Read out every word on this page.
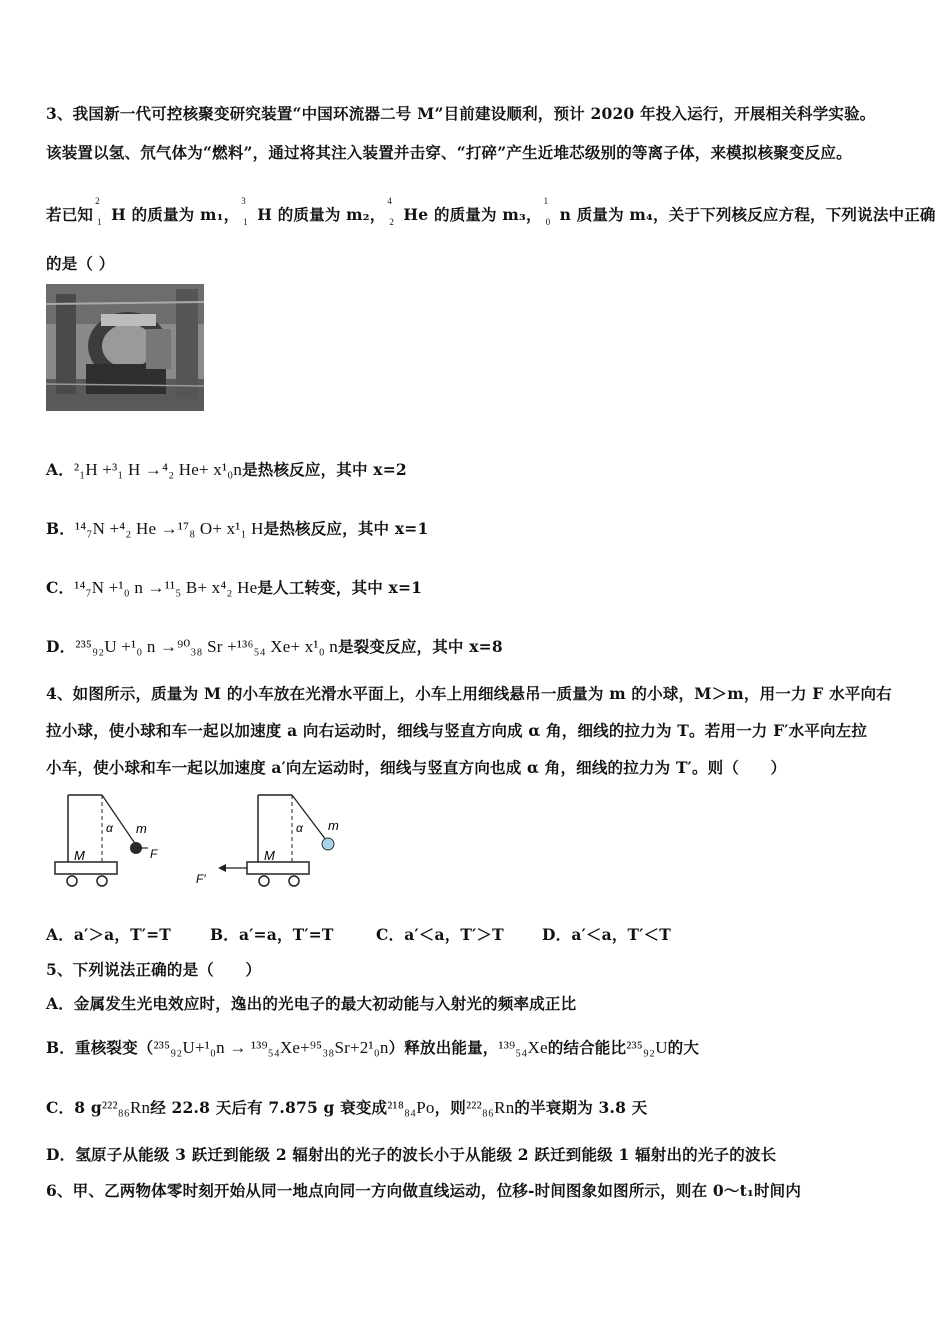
3、我国新一代可控核聚变研究装置“中国环流器二号 M”目前建设顺利，预计 2020 年投入运行，开展相关科学实验。
该装置以氢、氘气体为“燃料”，通过将其注入装置并击穿、“打碎”产生近堆芯级别的等离子体，来模拟核聚变反应。
若已知
2
1 H 的质量为 m₁，
3
1 H 的质量为 m₂，
4
2 He 的质量为 m₃，
1
0 n 质量为 m₄，关于下列核反应方程，下列说法中正确
的是（ ）
A．²₁H +³₁ H →⁴₂ He+ x¹₀n是热核反应，其中 x=2
B．¹⁴₇N +⁴₂ He →¹⁷₈ O+ x¹₁ H是热核反应，其中 x=1
C．¹⁴₇N +¹₀ n →¹¹₅ B+ x⁴₂ He是人工转变，其中 x=1
D．²³⁵₉₂U +¹₀ n →⁹⁰₃₈ Sr +¹³⁶₅₄ Xe+ x¹₀ n是裂变反应，其中 x=8
4、如图所示，质量为 M 的小车放在光滑水平面上，小车上用细线悬吊一质量为 m 的小球，M＞m，用一力 F 水平向右
拉小球，使小球和车一起以加速度 a 向右运动时，细线与竖直方向成 α 角，细线的拉力为 T。若用一力 F′水平向左拉
小车，使小球和车一起以加速度 a′向左运动时，细线与竖直方向也成 α 角，细线的拉力为 T′。则（　　）
α m
M	F
α m
M
F′
A．a′＞a，T′=T	B．a′=a，T′=T	C．a′＜a，T′＞T D．a′＜a，T′＜T
5、下列说法正确的是（　　）
A．金属发生光电效应时，逸出的光电子的最大初动能与入射光的频率成正比
B．重核裂变（²³⁵₉₂U+¹₀n → ¹³⁹₅₄Xe+⁹⁵₃₈Sr+2¹₀n）释放出能量，¹³⁹₅₄Xe的结合能比²³⁵₉₂U的大
C．8 g²²²₈₆Rn经 22.8 天后有 7.875 g 衰变成²¹⁸₈₄Po，则²²²₈₆Rn的半衰期为 3.8 天
D．氢原子从能级 3 跃迁到能级 2 辐射出的光子的波长小于从能级 2 跃迁到能级 1 辐射出的光子的波长
6、甲、乙两物体零时刻开始从同一地点向同一方向做直线运动，位移-时间图象如图所示，则在 0～t₁时间内
